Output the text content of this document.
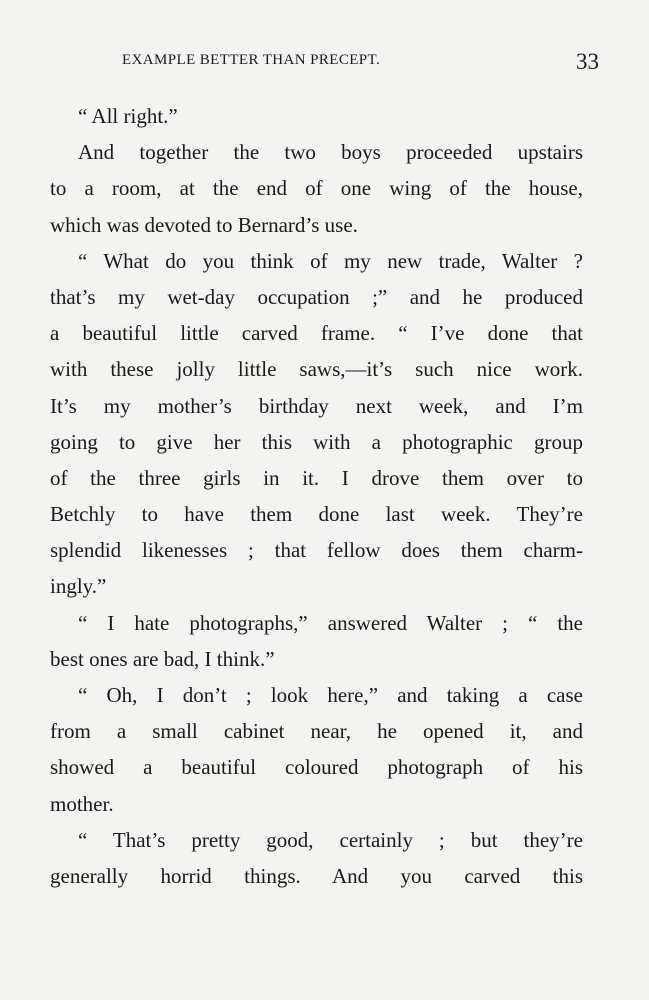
EXAMPLE BETTER THAN PRECEPT.	33
“ All right.”
And together the two boys proceeded upstairs
to a room, at the end of one wing of the house,
which was devoted to Bernard’s use.
“ What do you think of my new trade, Walter ?
that’s my wet-day occupation ;” and he produced
a beautiful little carved frame. “ I’ve done that
with these jolly little saws,—it’s such nice work.
It’s my mother’s birthday next week, and I’m
going to give her this with a photographic group
of the three girls in it. I drove them over to
Betchly to have them done last week. They’re
splendid likenesses ; that fellow does them charm-
ingly.”
“ I hate photographs,” answered Walter ; “ the
best ones are bad, I think.”
“ Oh, I don’t ; look here,” and taking a case
from a small cabinet near, he opened it, and
showed a beautiful coloured photograph of his
mother.
“ That’s pretty good, certainly ; but they’re
generally horrid things. And you carved this
